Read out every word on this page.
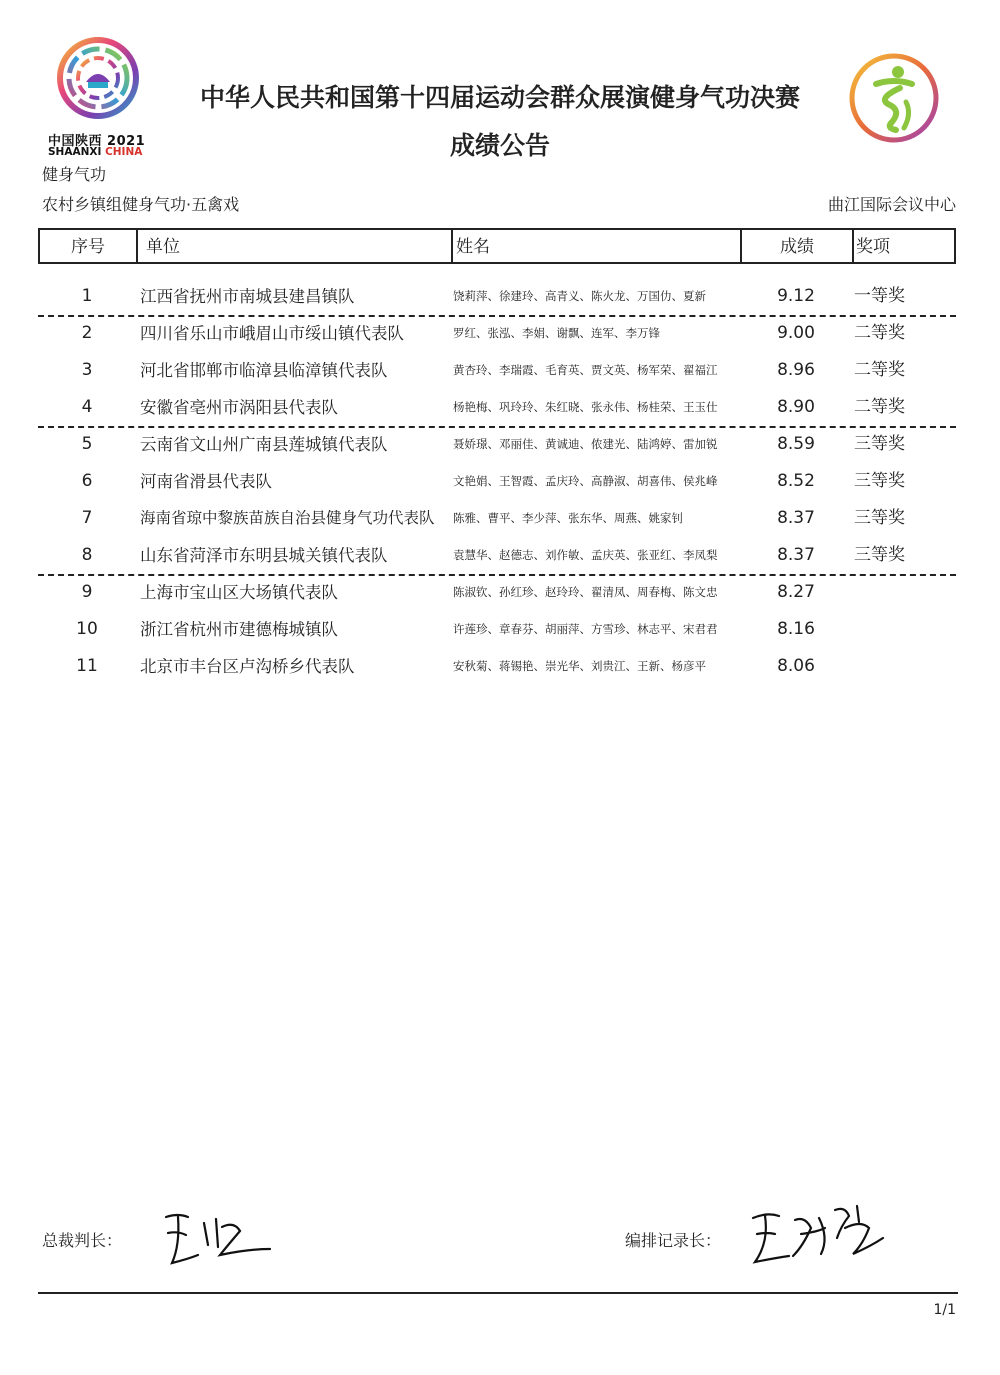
中国陕西 2021
SHAANXI CHINA
中华人民共和国第十四届运动会群众展演健身气功决赛
成绩公告
健身气功
农村乡镇组健身气功·五禽戏	曲江国际会议中心
序号	单位	姓名	成绩	奖项
1	江西省抚州市南城县建昌镇队	饶莉萍、徐建玲、高青义、陈火龙、万国仂、夏新	9.12	一等奖
2	四川省乐山市峨眉山市绥山镇代表队	罗红、张泓、李娟、谢飘、连军、李万锋	9.00	二等奖
3	河北省邯郸市临漳县临漳镇代表队	黄杏玲、李瑞霞、毛育英、贾文英、杨军荣、翟福江	8.96	二等奖
4	安徽省亳州市涡阳县代表队	杨艳梅、巩玲玲、朱红晓、张永伟、杨桂荣、王玉仕	8.90	二等奖
5	云南省文山州广南县莲城镇代表队	聂娇璟、邓丽佳、黄诚迪、侬建光、陆鸿婷、雷加锐	8.59	三等奖
6	河南省滑县代表队	文艳娟、王智霞、孟庆玲、高静淑、胡喜伟、侯兆峰	8.52	三等奖
7	海南省琼中黎族苗族自治县健身气功代表队	陈雅、曹平、李少萍、张东华、周燕、姚家钊	8.37	三等奖
8	山东省菏泽市东明县城关镇代表队	袁慧华、赵德志、刘作敏、孟庆英、张亚红、李凤梨	8.37	三等奖
9	上海市宝山区大场镇代表队	陈淑钦、孙红珍、赵玲玲、翟清凤、周春梅、陈文忠	8.27
10	浙江省杭州市建德梅城镇队	许莲珍、章春芬、胡丽萍、方雪珍、林志平、宋君君	8.16
11	北京市丰台区卢沟桥乡代表队	安秋菊、蒋锡艳、崇光华、刘贵江、王新、杨彦平	8.06
总裁判长：	编排记录长：
1/1
